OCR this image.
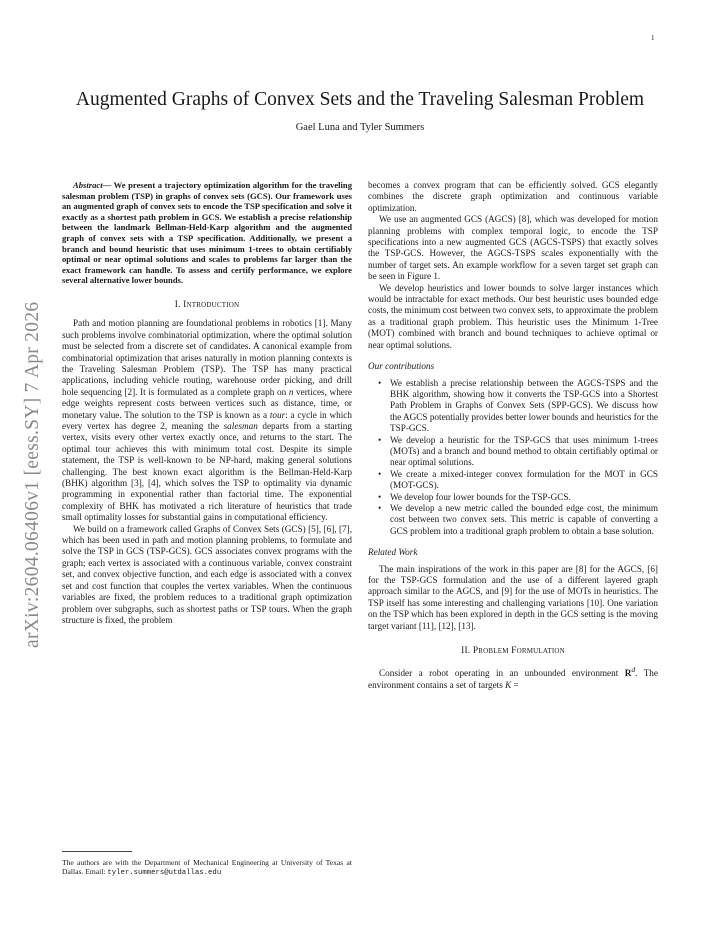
1
arXiv:2604.06406v1 [eess.SY] 7 Apr 2026
Augmented Graphs of Convex Sets and the Traveling Salesman Problem
Gael Luna and Tyler Summers

Abstract— We present a trajectory optimization algorithm for the traveling salesman problem (TSP) in graphs of convex sets (GCS). Our framework uses an augmented graph of convex sets to encode the TSP specification and solve it exactly as a shortest path problem in GCS. We establish a precise relationship between the landmark Bellman-Held-Karp algorithm and the augmented graph of convex sets with a TSP specification. Additionally, we present a branch and bound heuristic that uses minimum 1-trees to obtain certifiably optimal or near optimal solutions and scales to problems far larger than the exact framework can handle. To assess and certify performance, we explore several alternative lower bounds.

I. Introduction

Path and motion planning are foundational problems in robotics [1]. Many such problems involve combinatorial optimization, where the optimal solution must be selected from a discrete set of candidates. A canonical example from combinatorial optimization that arises naturally in motion planning contexts is the Traveling Salesman Problem (TSP). The TSP has many practical applications, including vehicle routing, warehouse order picking, and drill hole sequencing [2]. It is formulated as a complete graph on n vertices, where edge weights represent costs between vertices such as distance, time, or monetary value. The solution to the TSP is known as a tour: a cycle in which every vertex has degree 2, meaning the salesman departs from a starting vertex, visits every other vertex exactly once, and returns to the start. The optimal tour achieves this with minimum total cost. Despite its simple statement, the TSP is well-known to be NP-hard, making general solutions challenging. The best known exact algorithm is the Bellman-Held-Karp (BHK) algorithm [3], [4], which solves the TSP to optimality via dynamic programming in exponential rather than factorial time. The exponential complexity of BHK has motivated a rich literature of heuristics that trade small optimality losses for substantial gains in computational efficiency.

We build on a framework called Graphs of Convex Sets (GCS) [5], [6], [7], which has been used in path and motion planning problems, to formulate and solve the TSP in GCS (TSP-GCS). GCS associates convex programs with the graph; each vertex is associated with a continuous variable, convex constraint set, and convex objective function, and each edge is associated with a convex set and cost function that couples the vertex variables. When the continuous variables are fixed, the problem reduces to a traditional graph optimization problem over subgraphs, such as shortest paths or TSP tours. When the graph structure is fixed, the problem

The authors are with the Department of Mechanical Engineering at University of Texas at Dallas. Email: tyler.summers@utdallas.edu

becomes a convex program that can be efficiently solved. GCS elegantly combines the discrete graph optimization and continuous variable optimization.

We use an augmented GCS (AGCS) [8], which was developed for motion planning problems with complex temporal logic, to encode the TSP specifications into a new augmented GCS (AGCS-TSPS) that exactly solves the TSP-GCS. However, the AGCS-TSPS scales exponentially with the number of target sets. An example workflow for a seven target set graph can be seen in Figure 1.

We develop heuristics and lower bounds to solve larger instances which would be intractable for exact methods. Our best heuristic uses bounded edge costs, the minimum cost between two convex sets, to approximate the problem as a traditional graph problem. This heuristic uses the Minimum 1-Tree (MOT) combined with branch and bound techniques to achieve optimal or near optimal solutions.

Our contributions
• We establish a precise relationship between the AGCS-TSPS and the BHK algorithm, showing how it converts the TSP-GCS into a Shortest Path Problem in Graphs of Convex Sets (SPP-GCS). We discuss how the AGCS potentially provides better lower bounds and heuristics for the TSP-GCS.
• We develop a heuristic for the TSP-GCS that uses minimum 1-trees (MOTs) and a branch and bound method to obtain certifiably optimal or near optimal solutions.
• We create a mixed-integer convex formulation for the MOT in GCS (MOT-GCS).
• We develop four lower bounds for the TSP-GCS.
• We develop a new metric called the bounded edge cost, the minimum cost between two convex sets. This metric is capable of converting a GCS problem into a traditional graph problem to obtain a base solution.
Related Work

The main inspirations of the work in this paper are [8] for the AGCS, [6] for the TSP-GCS formulation and the use of a different layered graph approach similar to the AGCS, and [9] for the use of MOTs in heuristics. The TSP itself has some interesting and challenging variations [10]. One variation on the TSP which has been explored in depth in the GCS setting is the moving target variant [11], [12], [13].

II. Problem Formulation

Consider a robot operating in an unbounded environment $R^d$. The environment contains a set of targets K =
